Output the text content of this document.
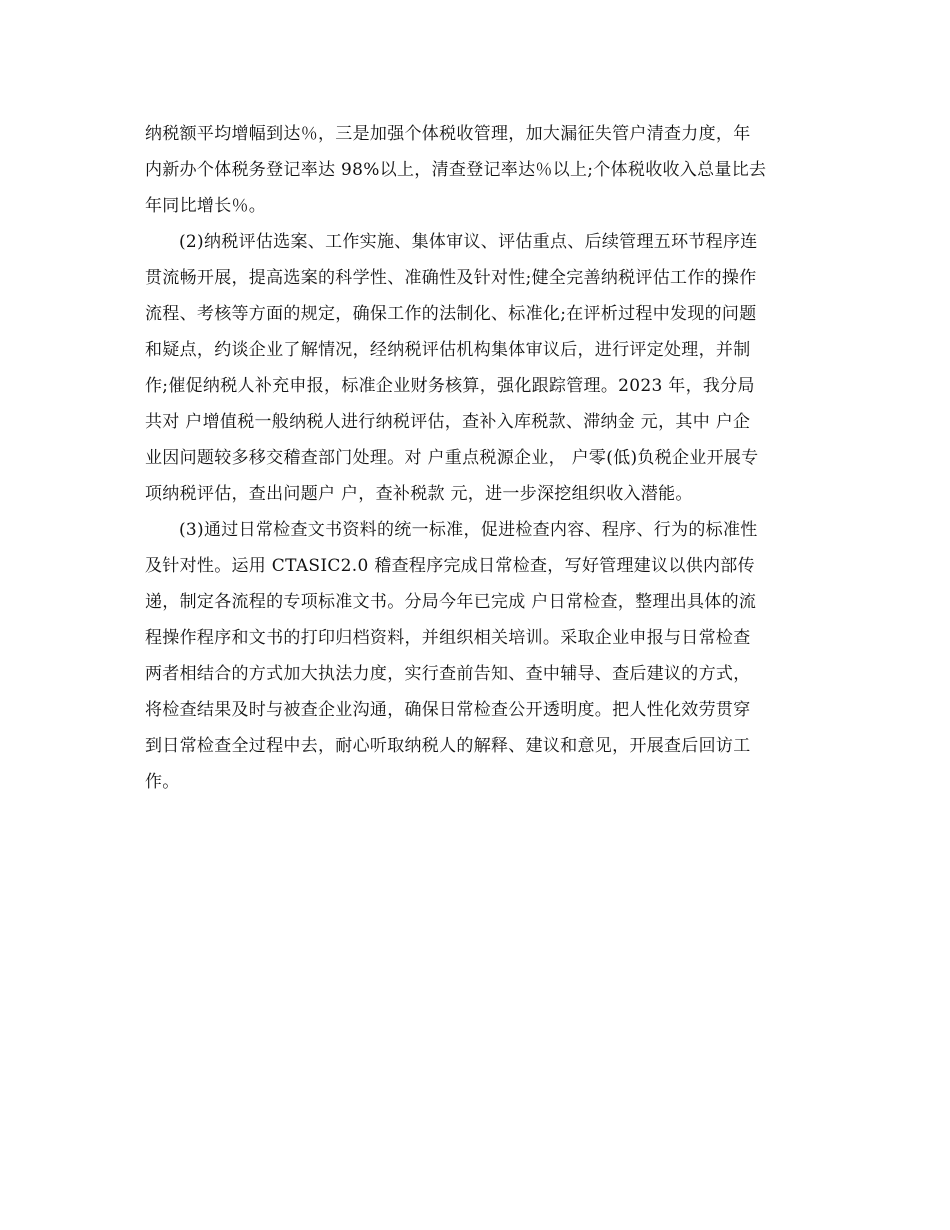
纳税额平均增幅到达％，三是加强个体税收管理，加大漏征失管户清查力度，年
内新办个体税务登记率达 98%以上，清查登记率达％以上;个体税收收入总量比去
年同比增长％。

(2)纳税评估选案、工作实施、集体审议、评估重点、后续管理五环节程序连
贯流畅开展，提高选案的科学性、准确性及针对性;健全完善纳税评估工作的操作
流程、考核等方面的规定，确保工作的法制化、标准化;在评析过程中发现的问题
和疑点，约谈企业了解情况，经纳税评估机构集体审议后，进行评定处理，并制
作;催促纳税人补充申报，标准企业财务核算，强化跟踪管理。2023 年，我分局
共对 户增值税一般纳税人进行纳税评估，查补入库税款、滞纳金 元，其中 户企
业因问题较多移交稽查部门处理。对 户重点税源企业， 户零(低)负税企业开展专
项纳税评估，查出问题户 户，查补税款 元，进一步深挖组织收入潜能。

(3)通过日常检查文书资料的统一标准，促进检查内容、程序、行为的标准性
及针对性。运用 CTASIC2.0 稽查程序完成日常检查，写好管理建议以供内部传
递，制定各流程的专项标准文书。分局今年已完成 户日常检查，整理出具体的流
程操作程序和文书的打印归档资料，并组织相关培训。采取企业申报与日常检查
两者相结合的方式加大执法力度，实行查前告知、查中辅导、查后建议的方式，
将检查结果及时与被查企业沟通，确保日常检查公开透明度。把人性化效劳贯穿
到日常检查全过程中去，耐心听取纳税人的解释、建议和意见，开展查后回访工
作。
